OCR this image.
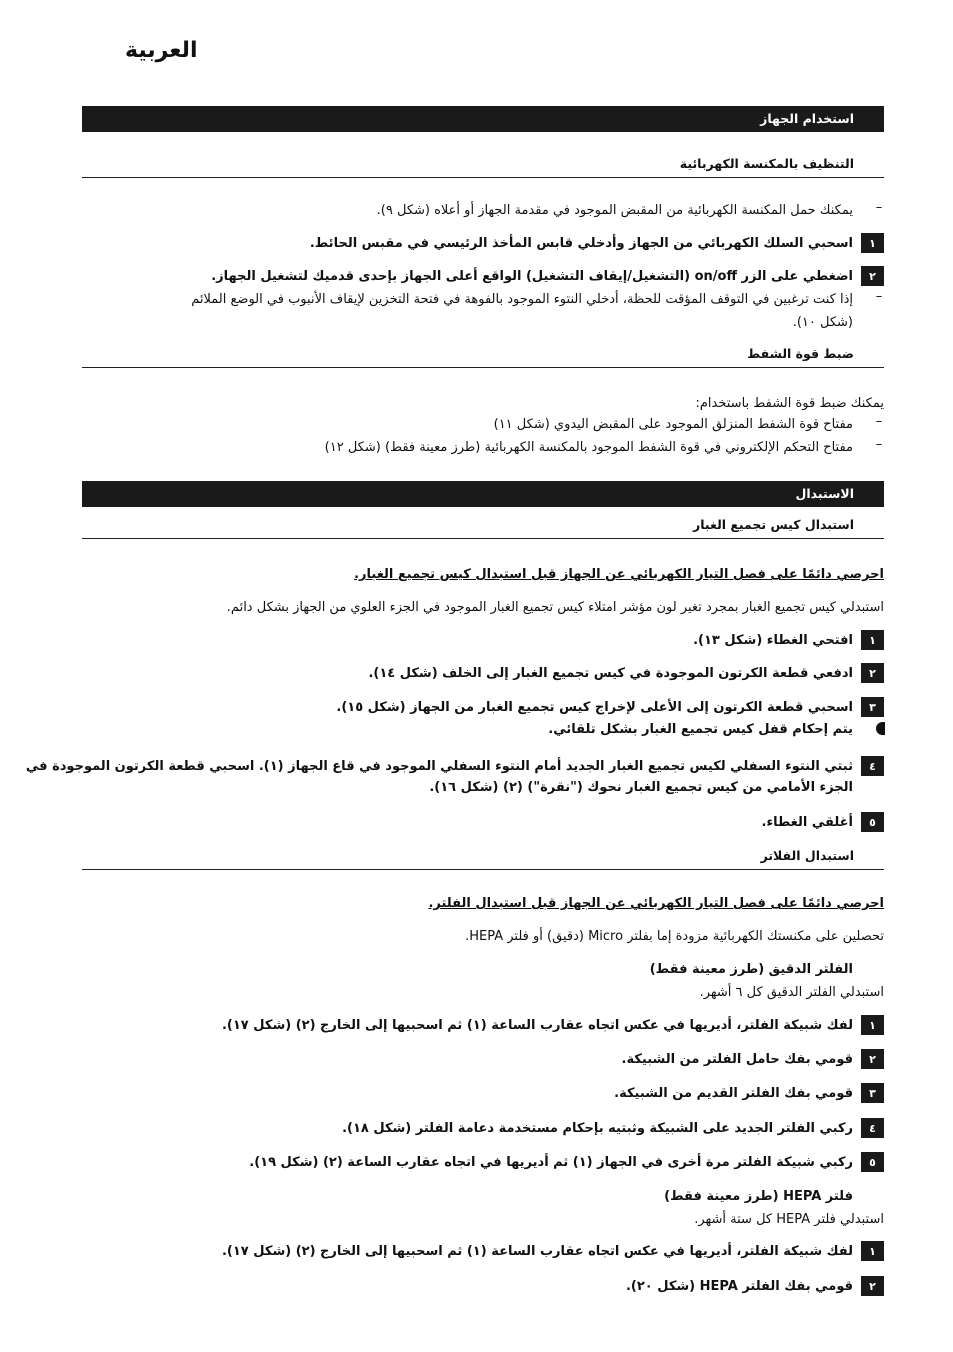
العربية
استخدام الجهاز
التنظيف بالمكنسة الكهربائية
–
يمكنك حمل المكنسة الكهربائية من المقبض الموجود في مقدمة الجهاز أو أعلاه (شكل ٩).
١
اسحبي السلك الكهربائي من الجهاز وأدخلي قابس المأخذ الرئيسي في مقبس الحائط.
٢
اضغطي على الزر on/off (التشغيل/إيقاف التشغيل) الواقع أعلى الجهاز بإحدى قدميك لتشغيل الجهاز.
–
إذا كنت ترغبين في التوقف المؤقت للحظة، أدخلي النتوء الموجود بالفوهة في فتحة التخزين لإيقاف الأنبوب في الوضع الملائم
(شكل ١٠).
ضبط قوة الشفط
يمكنك ضبط قوة الشفط باستخدام:
–
مفتاح قوة الشفط المنزلق الموجود على المقبض اليدوي (شكل ١١)
–
مفتاح التحكم الإلكتروني في قوة الشفط الموجود بالمكنسة الكهربائية (طرز معينة فقط) (شكل ١٢)
الاستبدال
استبدال كيس تجميع الغبار
احرصي دائمًا على فصل التيار الكهربائي عن الجهاز قبل استبدال كيس تجميع الغبار.
استبدلي كيس تجميع الغبار بمجرد تغير لون مؤشر امتلاء كيس تجميع الغبار الموجود في الجزء العلوي من الجهاز بشكل دائم.
١
افتحي الغطاء (شكل ١٣).
٢
ادفعي قطعة الكرتون الموجودة في كيس تجميع الغبار إلى الخلف (شكل ١٤).
٣
اسحبي قطعة الكرتون إلى الأعلى لإخراج كيس تجميع الغبار من الجهاز (شكل ١٥).
يتم إحكام قفل كيس تجميع الغبار بشكل تلقائي.
٤
ثبتي النتوء السفلي لكيس تجميع الغبار الجديد أمام النتوء السفلي الموجود في قاع الجهاز (١). اسحبي قطعة الكرتون الموجودة في
الجزء الأمامي من كيس تجميع الغبار نحوك ("نقرة") (٢) (شكل ١٦).
٥
أغلقي الغطاء.
استبدال الفلاتر
احرصي دائمًا على فصل التيار الكهربائي عن الجهاز قبل استبدال الفلتر.
تحصلين على مكنستك الكهربائية مزودة إما بفلتر Micro (دقيق) أو فلتر HEPA.
الفلتر الدقيق (طرز معينة فقط)
استبدلي الفلتر الدقيق كل ٦ أشهر.
١
لفك شبيكة الفلتر، أديريها في عكس اتجاه عقارب الساعة (١) ثم اسحبيها إلى الخارج (٢) (شكل ١٧).
٢
قومي بفك حامل الفلتر من الشبيكة.
٣
قومي بفك الفلتر القديم من الشبيكة.
٤
ركبي الفلتر الجديد على الشبيكة وثبتيه بإحكام مستخدمة دعامة الفلتر (شكل ١٨).
٥
ركبي شبيكة الفلتر مرة أخرى في الجهاز (١) ثم أديريها في اتجاه عقارب الساعة (٢) (شكل ١٩).
فلتر HEPA (طرز معينة فقط)
استبدلي فلتر HEPA كل ستة أشهر.
١
لفك شبيكة الفلتر، أديريها في عكس اتجاه عقارب الساعة (١) ثم اسحبيها إلى الخارج (٢) (شكل ١٧).
٢
قومي بفك الفلتر HEPA (شكل ٢٠).
